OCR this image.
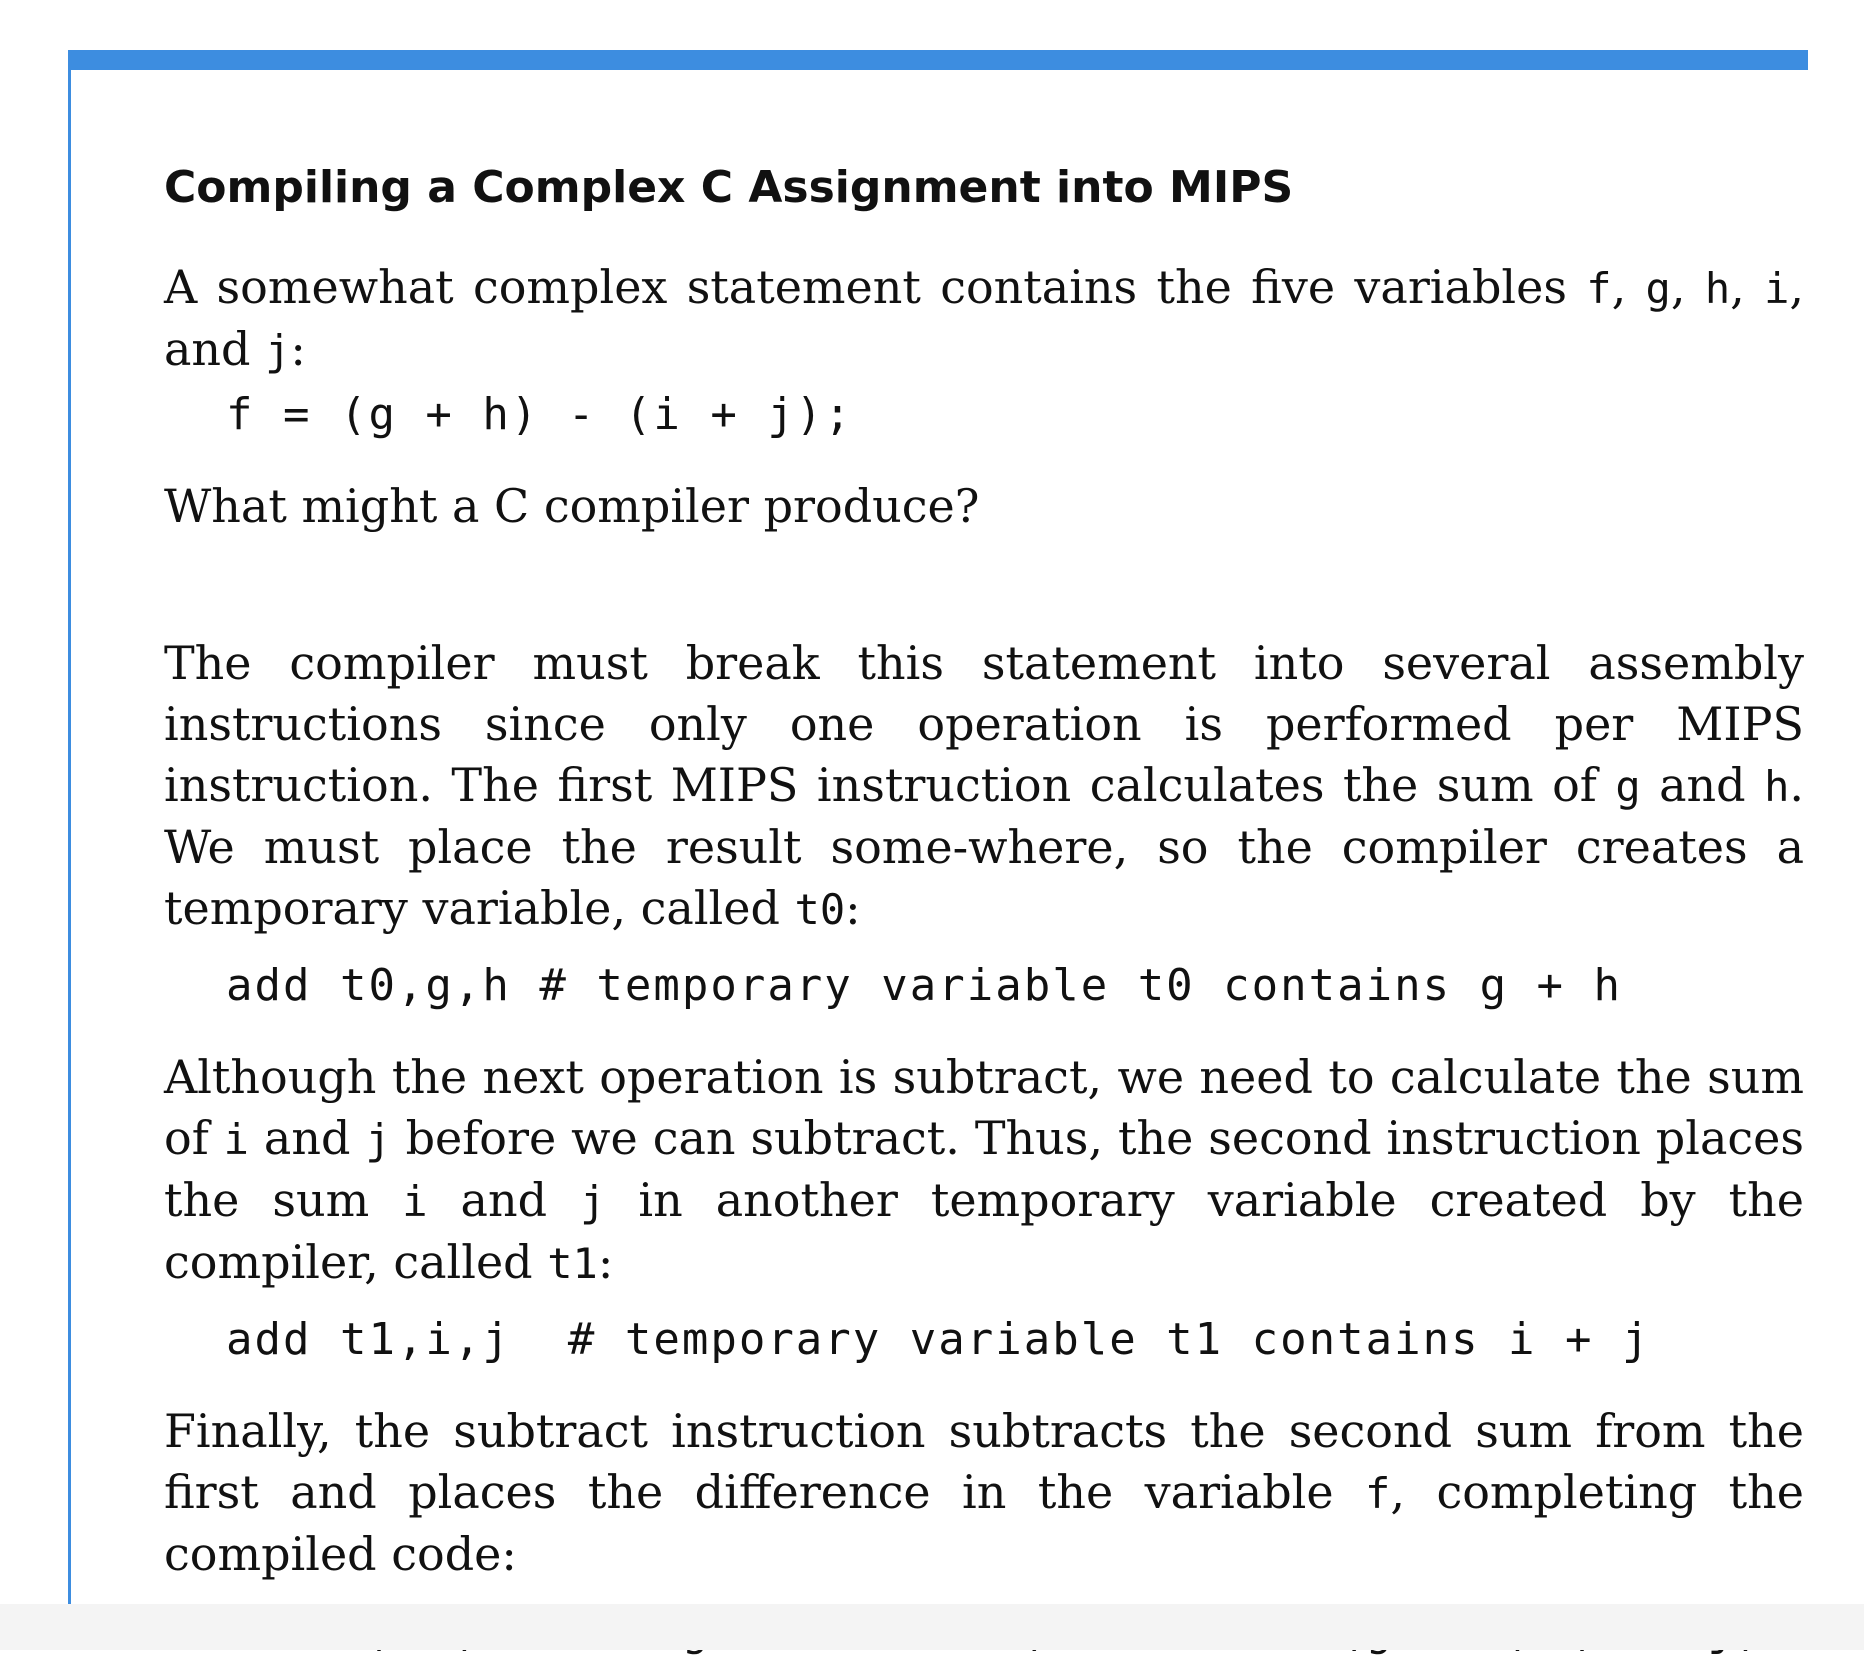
Compiling a Complex C Assignment into MIPS

A somewhat complex statement contains the five variables f, g, h, i, and j:

f = (g + h) - (i + j);

What might a C compiler produce?

The compiler must break this statement into several assembly instructions since only one operation is performed per MIPS instruction. The first MIPS instruction calculates the sum of g and h. We must place the result some-where, so the compiler creates a temporary variable, called t0:

add t0,g,h # temporary variable t0 contains g + h

Although the next operation is subtract, we need to calculate the sum of i and j before we can subtract. Thus, the second instruction places the sum i and j in another temporary variable created by the compiler, called t1:

add t1,i,j  # temporary variable t1 contains i + j

Finally, the subtract instruction subtracts the second sum from the first and places the difference in the variable f, completing the compiled code:
